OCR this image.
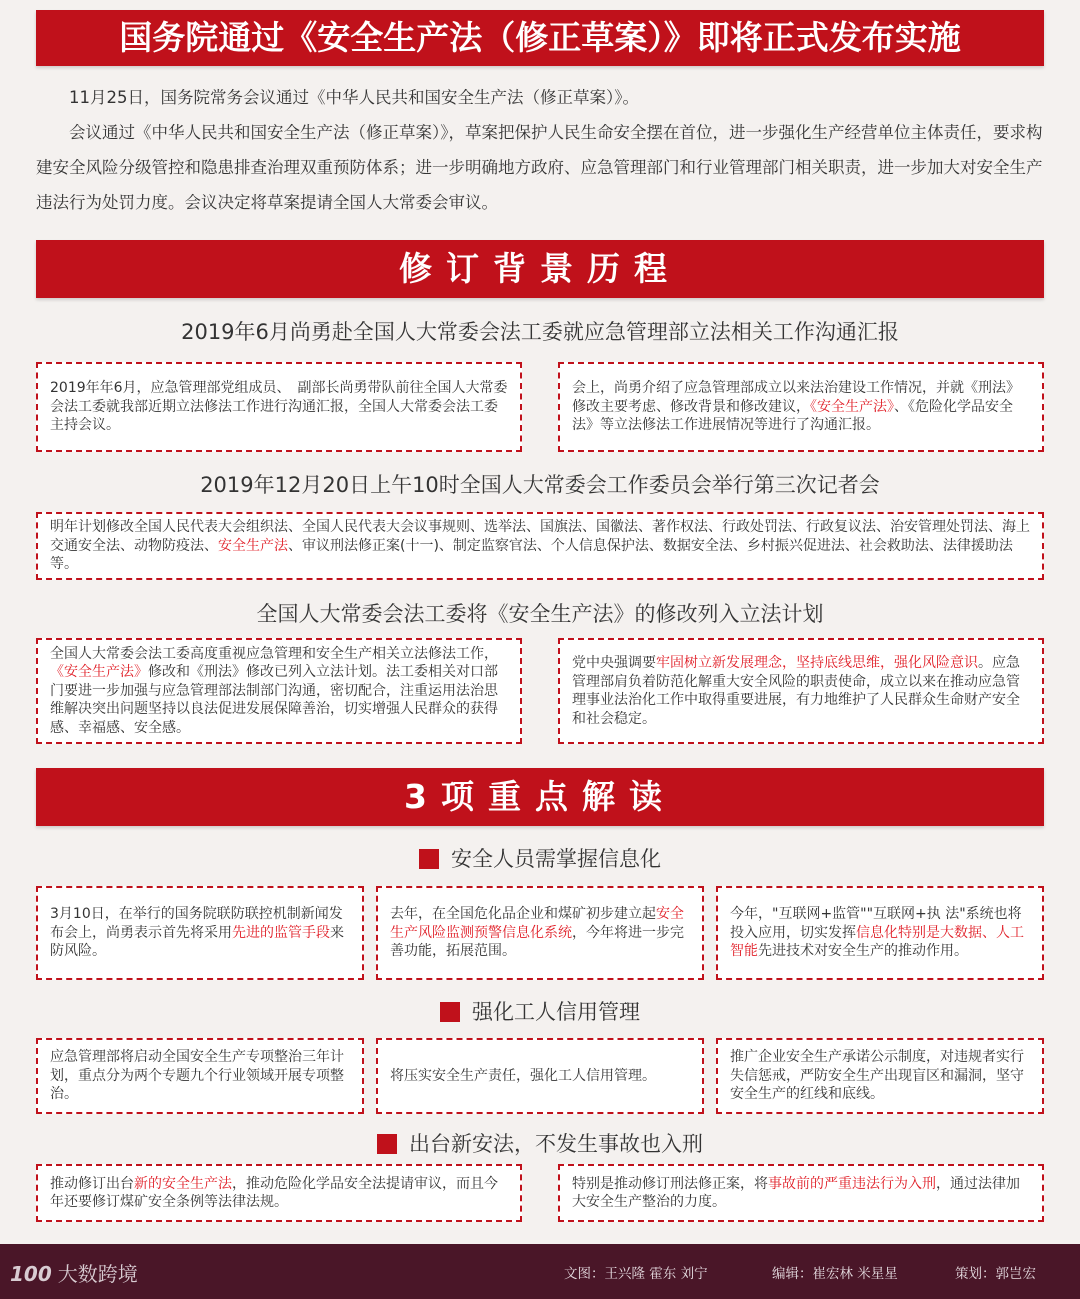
国务院通过《安全生产法（修正草案）》即将正式发布实施

11月25日，国务院常务会议通过《中华人民共和国安全生产法（修正草案）》。

会议通过《中华人民共和国安全生产法（修正草案）》，草案把保护人民生命安全摆在首位，进一步强化生产经营单位主体责任，要求构建安全风险分级管控和隐患排查治理双重预防体系；进一步明确地方政府、应急管理部门和行业管理部门相关职责，进一步加大对安全生产违法行为处罚力度。会议决定将草案提请全国人大常委会审议。

修订背景历程
2019年6月尚勇赴全国人大常委会法工委就应急管理部立法相关工作沟通汇报
2019年年6月，应急管理部党组成员、　副部长尚勇带队前往全国人大常委会法工委就我部近期立法修法工作进行沟通汇报，全国人大常委会法工委主持会议。
会上，尚勇介绍了应急管理部成立以来法治建设工作情况，并就《刑法》修改主要考虑、修改背景和修改建议，《安全生产法》、《危险化学品安全法》等立法修法工作进展情况等进行了沟通汇报。
2019年12月20日上午10时全国人大常委会工作委员会举行第三次记者会
明年计划修改全国人民代表大会组织法、全国人民代表大会议事规则、选举法、国旗法、国徽法、著作权法、行政处罚法、行政复议法、治安管理处罚法、海上交通安全法、动物防疫法、安全生产法、审议刑法修正案(十一)、制定监察官法、个人信息保护法、数据安全法、乡村振兴促进法、社会救助法、法律援助法等。
全国人大常委会法工委将《安全生产法》的修改列入立法计划
全国人大常委会法工委高度重视应急管理和安全生产相关立法修法工作，《安全生产法》修改和《刑法》修改已列入立法计划。法工委相关对口部门要进一步加强与应急管理部法制部门沟通，密切配合，注重运用法治思维解决突出问题坚持以良法促进发展保障善治，切实增强人民群众的获得感、幸福感、安全感。
党中央强调要牢固树立新发展理念，坚持底线思维，强化风险意识。应急管理部肩负着防范化解重大安全风险的职责使命，成立以来在推动应急管理事业法治化工作中取得重要进展，有力地维护了人民群众生命财产安全和社会稳定。
3项重点解读
安全人员需掌握信息化
3月10日，在举行的国务院联防联控机制新闻发布会上，尚勇表示首先将采用先进的监管手段来防风险。
去年，在全国危化品企业和煤矿初步建立起安全生产风险监测预警信息化系统，今年将进一步完善功能，拓展范围。
今年，"互联网+监管""互联网+执 法"系统也将投入应用，切实发挥信息化特别是大数据、人工智能先进技术对安全生产的推动作用。
强化工人信用管理
应急管理部将启动全国安全生产专项整治三年计划，重点分为两个专题九个行业领域开展专项整治。
将压实安全生产责任，强化工人信用管理。
推广企业安全生产承诺公示制度，对违规者实行失信惩戒，严防安全生产出现盲区和漏洞，坚守安全生产的红线和底线。
出台新安法，不发生事故也入刑
推动修订出台新的安全生产法，推动危险化学品安全法提请审议，而且今年还要修订煤矿安全条例等法律法规。
特别是推动修订刑法修正案，将事故前的严重违法行为入刑，通过法律加大安全生产整治的力度。
100 大数跨境	文图：王兴隆 霍东 刘宁	编辑：崔宏林 米星星	策划：郭岂宏
